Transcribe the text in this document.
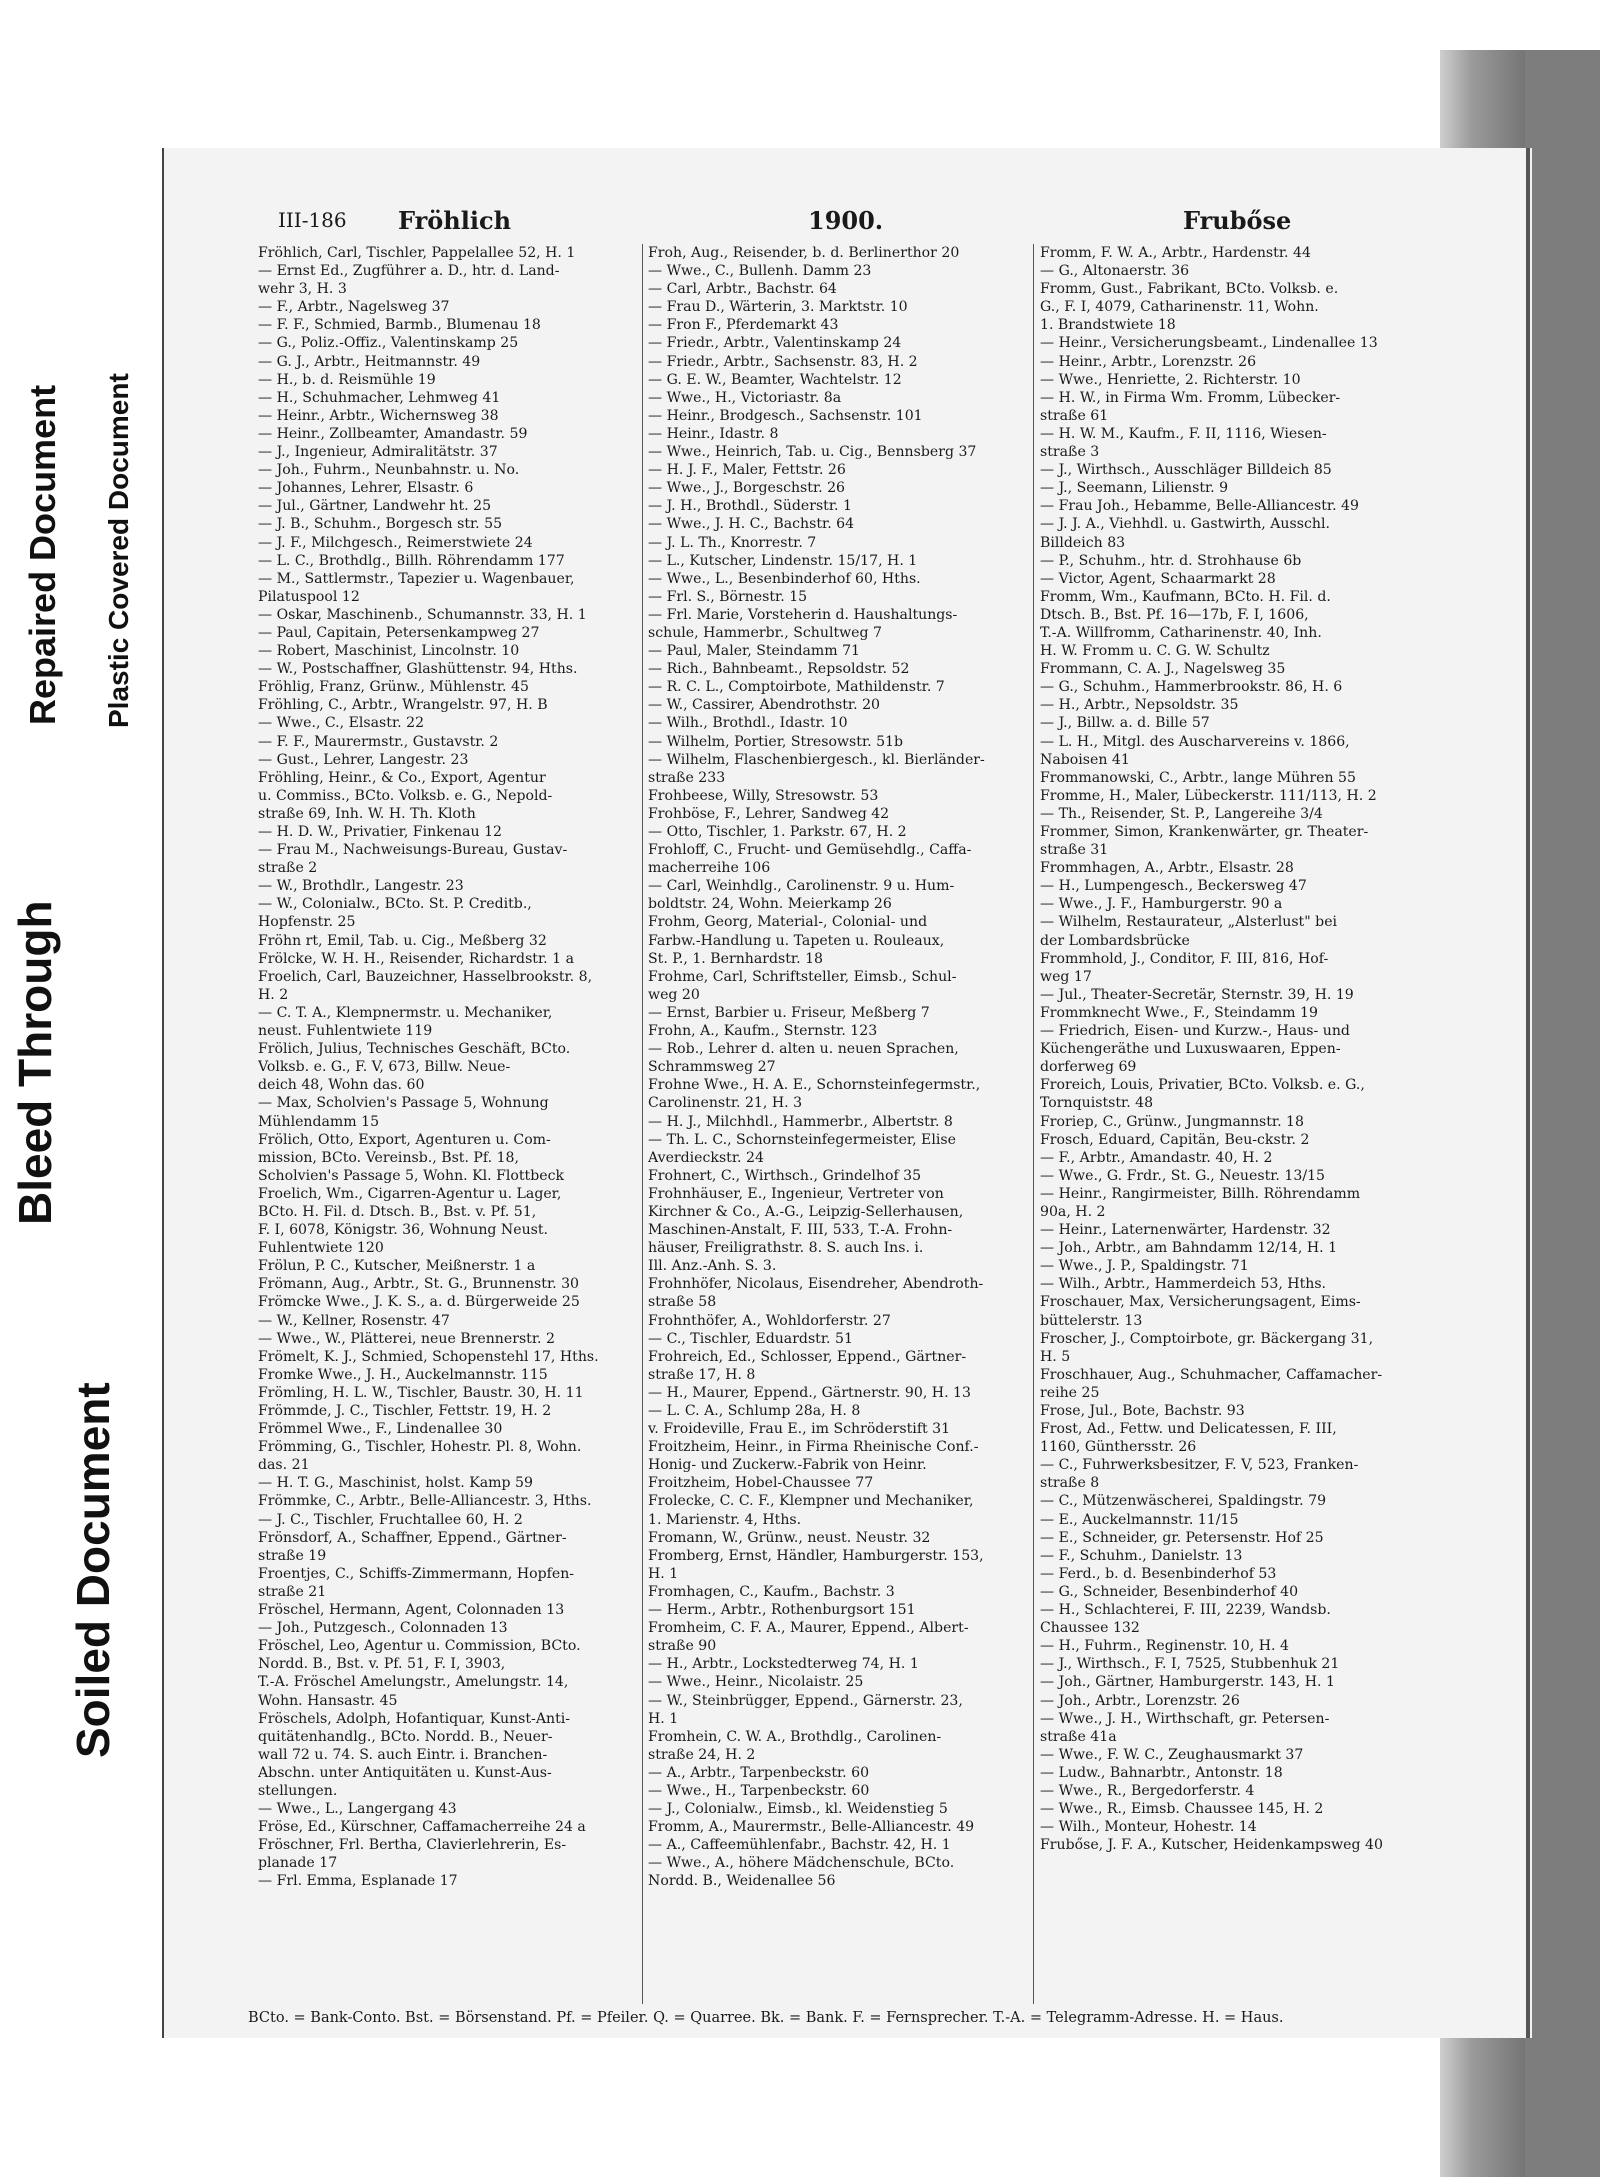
Bleed Through
Soiled Document
Repaired Document Plastic Covered Document
III-186 Fröhlich	1900.	Frubőse
Fröhlich, Carl, Tischler, Pappelallee 52, H. 1
— Ernst Ed., Zugführer a. D., htr. d. Land-
wehr 3, H. 3
— F., Arbtr., Nagelsweg 37
— F. F., Schmied, Barmb., Blumenau 18
— G., Poliz.-Offiz., Valentinskamp 25
— G. J., Arbtr., Heitmannstr. 49
— H., b. d. Reismühle 19
— H., Schuhmacher, Lehmweg 41
— Heinr., Arbtr., Wichernsweg 38
— Heinr., Zollbeamter, Amandastr. 59
— J., Ingenieur, Admiralitätstr. 37
— Joh., Fuhrm., Neunbahnstr. u. No.
— Johannes, Lehrer, Elsastr. 6
— Jul., Gärtner, Landwehr ht. 25
— J. B., Schuhm., Borgesch str. 55
— J. F., Milchgesch., Reimerstwiete 24
— L. C., Brothdlg., Billh. Röhrendamm 177
— M., Sattlermstr., Tapezier u. Wagenbauer,
Pilatuspool 12
— Oskar, Maschinenb., Schumannstr. 33, H. 1
— Paul, Capitain, Petersenkampweg 27
— Robert, Maschinist, Lincolnstr. 10
— W., Postschaffner, Glashüttenstr. 94, Hths.
Fröhlig, Franz, Grünw., Mühlenstr. 45
Fröhling, C., Arbtr., Wrangelstr. 97, H. B
— Wwe., C., Elsastr. 22
— F. F., Maurermstr., Gustavstr. 2
— Gust., Lehrer, Langestr. 23
Fröhling, Heinr., & Co., Export, Agentur
u. Commiss., BCto. Volksb. e. G., Nepold-
straße 69, Inh. W. H. Th. Kloth
— H. D. W., Privatier, Finkenau 12
— Frau M., Nachweisungs-Bureau, Gustav-
straße 2
— W., Brothdlr., Langestr. 23
— W., Colonialw., BCto. St. P. Creditb.,
Hopfenstr. 25
Fröhn rt, Emil, Tab. u. Cig., Meßberg 32
Frölcke, W. H. H., Reisender, Richardstr. 1 a
Froelich, Carl, Bauzeichner, Hasselbrookstr. 8,
H. 2
— C. T. A., Klempnermstr. u. Mechaniker,
neust. Fuhlentwiete 119
Frölich, Julius, Technisches Geschäft, BCto.
Volksb. e. G., F. V, 673, Billw. Neue-
deich 48, Wohn das. 60
— Max, Scholvien's Passage 5, Wohnung
Mühlendamm 15
Frölich, Otto, Export, Agenturen u. Com-
mission, BCto. Vereinsb., Bst. Pf. 18,
Scholvien's Passage 5, Wohn. Kl. Flottbeck
Froelich, Wm., Cigarren-Agentur u. Lager,
BCto. H. Fil. d. Dtsch. B., Bst. v. Pf. 51,
F. I, 6078, Königstr. 36, Wohnung Neust.
Fuhlentwiete 120
Frölun, P. C., Kutscher, Meißnerstr. 1 a
Frömann, Aug., Arbtr., St. G., Brunnenstr. 30
Frömcke Wwe., J. K. S., a. d. Bürgerweide 25
— W., Kellner, Rosenstr. 47
— Wwe., W., Plätterei, neue Brennerstr. 2
Frömelt, K. J., Schmied, Schopenstehl 17, Hths.
Fromke Wwe., J. H., Auckelmannstr. 115
Frömling, H. L. W., Tischler, Baustr. 30, H. 11
Frömmde, J. C., Tischler, Fettstr. 19, H. 2
Frömmel Wwe., F., Lindenallee 30
Frömming, G., Tischler, Hohestr. Pl. 8, Wohn.
das. 21
— H. T. G., Maschinist, holst. Kamp 59
Frömmke, C., Arbtr., Belle-Alliancestr. 3, Hths.
— J. C., Tischler, Fruchtallee 60, H. 2
Frönsdorf, A., Schaffner, Eppend., Gärtner-
straße 19
Froentjes, C., Schiffs-Zimmermann, Hopfen-
straße 21
Fröschel, Hermann, Agent, Colonnaden 13
— Joh., Putzgesch., Colonnaden 13
Fröschel, Leo, Agentur u. Commission, BCto.
Nordd. B., Bst. v. Pf. 51, F. I, 3903,
T.-A. Fröschel Amelungstr., Amelungstr. 14,
Wohn. Hansastr. 45
Fröschels, Adolph, Hofantiquar, Kunst-Anti-
quitätenhandlg., BCto. Nordd. B., Neuer-
wall 72 u. 74. S. auch Eintr. i. Branchen-
Abschn. unter Antiquitäten u. Kunst-Aus-
stellungen.
— Wwe., L., Langergang 43
Fröse, Ed., Kürschner, Caffamacherreihe 24 a
Fröschner, Frl. Bertha, Clavierlehrerin, Es-
planade 17
— Frl. Emma, Esplanade 17
Froh, Aug., Reisender, b. d. Berlinerthor 20
— Wwe., C., Bullenh. Damm 23
— Carl, Arbtr., Bachstr. 64
— Frau D., Wärterin, 3. Marktstr. 10
— Fron F., Pferdemarkt 43
— Friedr., Arbtr., Valentinskamp 24
— Friedr., Arbtr., Sachsenstr. 83, H. 2
— G. E. W., Beamter, Wachtelstr. 12
— Wwe., H., Victoriastr. 8a
— Heinr., Brodgesch., Sachsenstr. 101
— Heinr., Idastr. 8
— Wwe., Heinrich, Tab. u. Cig., Bennsberg 37
— H. J. F., Maler, Fettstr. 26
— Wwe., J., Borgeschstr. 26
— J. H., Brothdl., Süderstr. 1
— Wwe., J. H. C., Bachstr. 64
— J. L. Th., Knorrestr. 7
— L., Kutscher, Lindenstr. 15/17, H. 1
— Wwe., L., Besenbinderhof 60, Hths.
— Frl. S., Börnestr. 15
— Frl. Marie, Vorsteherin d. Haushaltungs-
schule, Hammerbr., Schultweg 7
— Paul, Maler, Steindamm 71
— Rich., Bahnbeamt., Repsoldstr. 52
— R. C. L., Comptoirbote, Mathildenstr. 7
— W., Cassirer, Abendrothstr. 20
— Wilh., Brothdl., Idastr. 10
— Wilhelm, Portier, Stresowstr. 51b
— Wilhelm, Flaschenbiergesch., kl. Bierländer-
straße 233
Frohbeese, Willy, Stresowstr. 53
Frohböse, F., Lehrer, Sandweg 42
— Otto, Tischler, 1. Parkstr. 67, H. 2
Frohloff, C., Frucht- und Gemüsehdlg., Caffa-
macherreihe 106
— Carl, Weinhdlg., Carolinenstr. 9 u. Hum-
boldtstr. 24, Wohn. Meierkamp 26
Frohm, Georg, Material-, Colonial- und
Farbw.-Handlung u. Tapeten u. Rouleaux,
St. P., 1. Bernhardstr. 18
Frohme, Carl, Schriftsteller, Eimsb., Schul-
weg 20
— Ernst, Barbier u. Friseur, Meßberg 7
Frohn, A., Kaufm., Sternstr. 123
— Rob., Lehrer d. alten u. neuen Sprachen,
Schrammsweg 27
Frohne Wwe., H. A. E., Schornsteinfegermstr.,
Carolinenstr. 21, H. 3
— H. J., Milchhdl., Hammerbr., Albertstr. 8
— Th. L. C., Schornsteinfegermeister, Elise
Averdieckstr. 24
Frohnert, C., Wirthsch., Grindelhof 35
Frohnhäuser, E., Ingenieur, Vertreter von
Kirchner & Co., A.-G., Leipzig-Sellerhausen,
Maschinen-Anstalt, F. III, 533, T.-A. Frohn-
häuser, Freiligrathstr. 8. S. auch Ins. i.
Ill. Anz.-Anh. S. 3.
Frohnhöfer, Nicolaus, Eisendreher, Abendroth-
straße 58
Frohnthöfer, A., Wohldorferstr. 27
— C., Tischler, Eduardstr. 51
Frohreich, Ed., Schlosser, Eppend., Gärtner-
straße 17, H. 8
— H., Maurer, Eppend., Gärtnerstr. 90, H. 13
— L. C. A., Schlump 28a, H. 8
v. Froideville, Frau E., im Schröderstift 31
Froitzheim, Heinr., in Firma Rheinische Conf.-
Honig- und Zuckerw.-Fabrik von Heinr.
Froitzheim, Hobel-Chaussee 77
Frolecke, C. C. F., Klempner und Mechaniker,
1. Marienstr. 4, Hths.
Fromann, W., Grünw., neust. Neustr. 32
Fromberg, Ernst, Händler, Hamburgerstr. 153,
H. 1
Fromhagen, C., Kaufm., Bachstr. 3
— Herm., Arbtr., Rothenburgsort 151
Fromheim, C. F. A., Maurer, Eppend., Albert-
straße 90
— H., Arbtr., Lockstedterweg 74, H. 1
— Wwe., Heinr., Nicolaistr. 25
— W., Steinbrügger, Eppend., Gärnerstr. 23,
H. 1
Fromhein, C. W. A., Brothdlg., Carolinen-
straße 24, H. 2
— A., Arbtr., Tarpenbeckstr. 60
— Wwe., H., Tarpenbeckstr. 60
— J., Colonialw., Eimsb., kl. Weidenstieg 5
Fromm, A., Maurermstr., Belle-Alliancestr. 49
— A., Caffeemühlenfabr., Bachstr. 42, H. 1
— Wwe., A., höhere Mädchenschule, BCto.
Nordd. B., Weidenallee 56
Fromm, F. W. A., Arbtr., Hardenstr. 44
— G., Altonaerstr. 36
Fromm, Gust., Fabrikant, BCto. Volksb. e.
G., F. I, 4079, Catharinenstr. 11, Wohn.
1. Brandstwiete 18
— Heinr., Versicherungsbeamt., Lindenallee 13
— Heinr., Arbtr., Lorenzstr. 26
— Wwe., Henriette, 2. Richterstr. 10
— H. W., in Firma Wm. Fromm, Lübecker-
straße 61
— H. W. M., Kaufm., F. II, 1116, Wiesen-
straße 3
— J., Wirthsch., Ausschläger Billdeich 85
— J., Seemann, Lilienstr. 9
— Frau Joh., Hebamme, Belle-Alliancestr. 49
— J. J. A., Viehhdl. u. Gastwirth, Ausschl.
Billdeich 83
— P., Schuhm., htr. d. Strohhause 6b
— Victor, Agent, Schaarmarkt 28
Fromm, Wm., Kaufmann, BCto. H. Fil. d.
Dtsch. B., Bst. Pf. 16—17b, F. I, 1606,
T.-A. Willfromm, Catharinenstr. 40, Inh.
H. W. Fromm u. C. G. W. Schultz
Frommann, C. A. J., Nagelsweg 35
— G., Schuhm., Hammerbrookstr. 86, H. 6
— H., Arbtr., Nepsoldstr. 35
— J., Billw. a. d. Bille 57
— L. H., Mitgl. des Auscharvereins v. 1866,
Naboisen 41
Frommanowski, C., Arbtr., lange Mühren 55
Fromme, H., Maler, Lübeckerstr. 111/113, H. 2
— Th., Reisender, St. P., Langereihe 3/4
Frommer, Simon, Krankenwärter, gr. Theater-
straße 31
Frommhagen, A., Arbtr., Elsastr. 28
— H., Lumpengesch., Beckersweg 47
— Wwe., J. F., Hamburgerstr. 90 a
— Wilhelm, Restaurateur, „Alsterlust" bei
der Lombardsbrücke
Frommhold, J., Conditor, F. III, 816, Hof-
weg 17
— Jul., Theater-Secretär, Sternstr. 39, H. 19
Frommknecht Wwe., F., Steindamm 19
— Friedrich, Eisen- und Kurzw.-, Haus- und
Küchengeräthe und Luxuswaaren, Eppen-
dorferweg 69
Froreich, Louis, Privatier, BCto. Volksb. e. G.,
Tornquiststr. 48
Froriep, C., Grünw., Jungmannstr. 18
Frosch, Eduard, Capitän, Beu-ckstr. 2
— F., Arbtr., Amandastr. 40, H. 2
— Wwe., G. Frdr., St. G., Neuestr. 13/15
— Heinr., Rangirmeister, Billh. Röhrendamm
90a, H. 2
— Heinr., Laternenwärter, Hardenstr. 32
— Joh., Arbtr., am Bahndamm 12/14, H. 1
— Wwe., J. P., Spaldingstr. 71
— Wilh., Arbtr., Hammerdeich 53, Hths.
Froschauer, Max, Versicherungsagent, Eims-
büttelerstr. 13
Froscher, J., Comptoirbote, gr. Bäckergang 31,
H. 5
Froschhauer, Aug., Schuhmacher, Caffamacher-
reihe 25
Frose, Jul., Bote, Bachstr. 93
Frost, Ad., Fettw. und Delicatessen, F. III,
1160, Günthersstr. 26
— C., Fuhrwerksbesitzer, F. V, 523, Franken-
straße 8
— C., Mützenwäscherei, Spaldingstr. 79
— E., Auckelmannstr. 11/15
— E., Schneider, gr. Petersenstr. Hof 25
— F., Schuhm., Danielstr. 13
— Ferd., b. d. Besenbinderhof 53
— G., Schneider, Besenbinderhof 40
— H., Schlachterei, F. III, 2239, Wandsb.
Chaussee 132
— H., Fuhrm., Reginenstr. 10, H. 4
— J., Wirthsch., F. I, 7525, Stubbenhuk 21
— Joh., Gärtner, Hamburgerstr. 143, H. 1
— Joh., Arbtr., Lorenzstr. 26
— Wwe., J. H., Wirthschaft, gr. Petersen-
straße 41a
— Wwe., F. W. C., Zeughausmarkt 37
— Ludw., Bahnarbtr., Antonstr. 18
— Wwe., R., Bergedorferstr. 4
— Wwe., R., Eimsb. Chaussee 145, H. 2
— Wilh., Monteur, Hohestr. 14
Frubőse, J. F. A., Kutscher, Heidenkampsweg 40
BCto. = Bank-Conto. Bst. = Börsenstand. Pf. = Pfeiler. Q. = Quarree. Bk. = Bank. F. = Fernsprecher. T.-A. = Telegramm-Adresse. H. = Haus.
